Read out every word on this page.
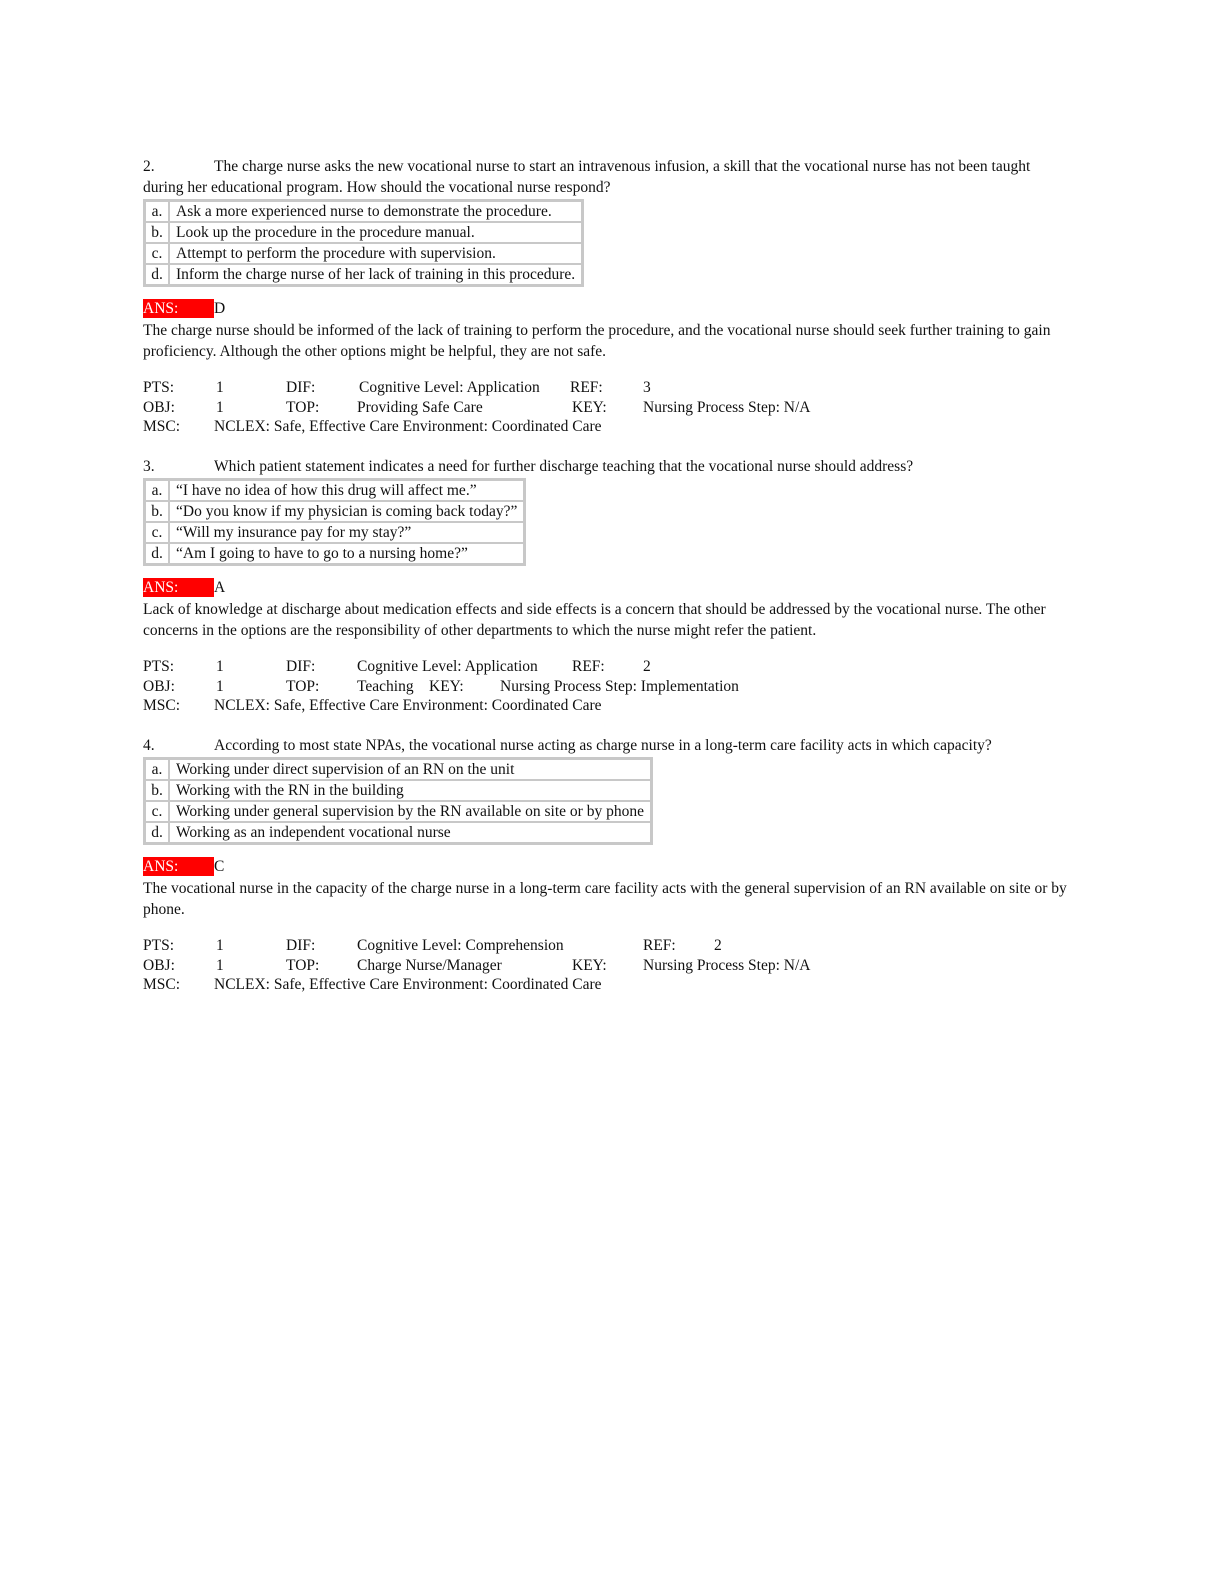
2.	The charge nurse asks the new vocational nurse to start an intravenous infusion, a skill that the vocational nurse has not been taught during her educational program. How should the vocational nurse respond?

a.	Ask a more experienced nurse to demonstrate the procedure.
b.	Look up the procedure in the procedure manual.
c.	Attempt to perform the procedure with supervision.
d.	Inform the charge nurse of her lack of training in this procedure.
ANS: D

The charge nurse should be informed of the lack of training to perform the procedure, and the vocational nurse should seek further training to gain proficiency. Although the other options might be helpful, they are not safe.

PTS:	1	DIF:	Cognitive Level: Application REF:	3
OBJ:	1	TOP: Providing Safe Care	KEY: Nursing Process Step: N/A
MSC: NCLEX: Safe, Effective Care Environment: Coordinated Care

3.	Which patient statement indicates a need for further discharge teaching that the vocational nurse should address?

a.	“I have no idea of how this drug will affect me.”
b.	“Do you know if my physician is coming back today?”
c.	“Will my insurance pay for my stay?”
d.	“Am I going to have to go to a nursing home?”
ANS: A

Lack of knowledge at discharge about medication effects and side effects is a concern that should be addressed by the vocational nurse. The other concerns in the options are the responsibility of other departments to which the nurse might refer the patient.

PTS:	1	DIF:	Cognitive Level: Application REF: 2
OBJ:	1	TOP: Teaching KEY: Nursing Process Step: Implementation
MSC: NCLEX: Safe, Effective Care Environment: Coordinated Care

4.	According to most state NPAs, the vocational nurse acting as charge nurse in a long-term care facility acts in which capacity?

a.	Working under direct supervision of an RN on the unit
b.	Working with the RN in the building
c.	Working under general supervision by the RN available on site or by phone
d.	Working as an independent vocational nurse
ANS: C

The vocational nurse in the capacity of the charge nurse in a long-term care facility acts with the general supervision of an RN available on site or by phone.

PTS:	1	DIF:	Cognitive Level: Comprehension	REF: 2
OBJ:	1	TOP: Charge Nurse/Manager	KEY: Nursing Process Step: N/A
MSC: NCLEX: Safe, Effective Care Environment: Coordinated Care
